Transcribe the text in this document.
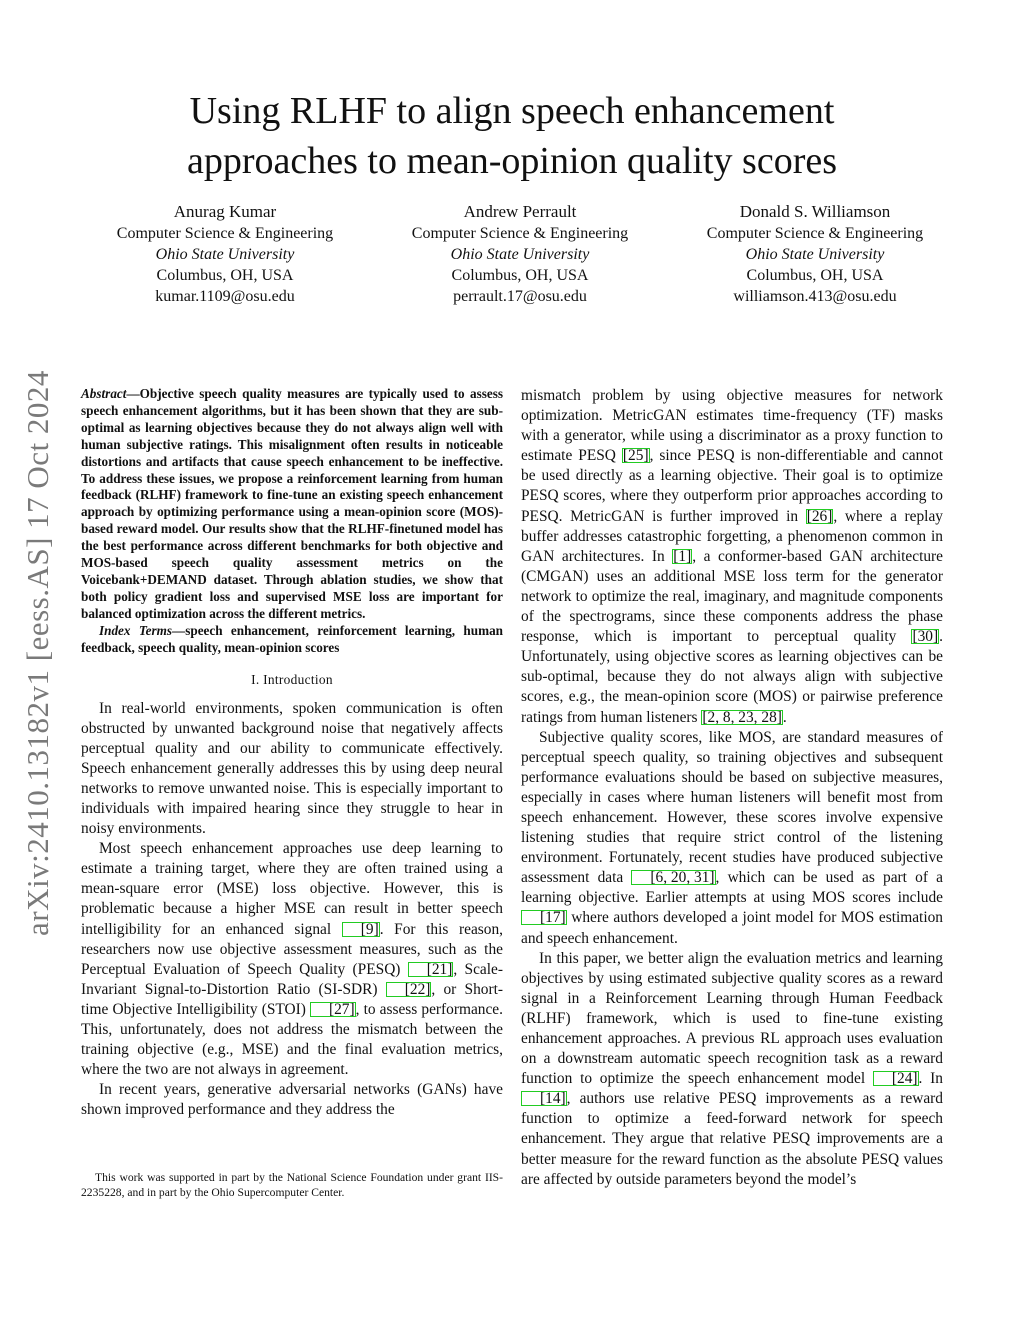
arXiv:2410.13182v1 [eess.AS] 17 Oct 2024
Using RLHF to align speech enhancement
approaches to mean-opinion quality scores
Anurag Kumar
Computer Science & Engineering
Ohio State University
Columbus, OH, USA
kumar.1109@osu.edu
Andrew Perrault
Computer Science & Engineering
Ohio State University
Columbus, OH, USA
perrault.17@osu.edu
Donald S. Williamson
Computer Science & Engineering
Ohio State University
Columbus, OH, USA
williamson.413@osu.edu

Abstract—Objective speech quality measures are typically used to assess speech enhancement algorithms, but it has been shown that they are sub-optimal as learning objectives because they do not always align well with human subjective ratings. This misalignment often results in noticeable distortions and artifacts that cause speech enhancement to be ineffective. To address these issues, we propose a reinforcement learning from human feedback (RLHF) framework to fine-tune an existing speech enhancement approach by optimizing performance using a mean-opinion score (MOS)-based reward model. Our results show that the RLHF-finetuned model has the best performance across different benchmarks for both objective and MOS-based speech quality assessment metrics on the Voicebank+DEMAND dataset. Through ablation studies, we show that both policy gradient loss and supervised MSE loss are important for balanced optimization across the different metrics.

Index Terms—speech enhancement, reinforcement learning, human feedback, speech quality, mean-opinion scores

I. Introduction

In real-world environments, spoken communication is often obstructed by unwanted background noise that negatively affects perceptual quality and our ability to communicate effectively. Speech enhancement generally addresses this by using deep neural networks to remove unwanted noise. This is especially important to individuals with impaired hearing since they struggle to hear in noisy environments.

Most speech enhancement approaches use deep learning to estimate a training target, where they are often trained using a mean-square error (MSE) loss objective. However, this is problematic because a higher MSE can result in better speech intelligibility for an enhanced signal [9]. For this reason, researchers now use objective assessment measures, such as the Perceptual Evaluation of Speech Quality (PESQ) [21], Scale-Invariant Signal-to-Distortion Ratio (SI-SDR) [22], or Short-time Objective Intelligibility (STOI) [27], to assess performance. This, unfortunately, does not address the mismatch between the training objective (e.g., MSE) and the final evaluation metrics, where the two are not always in agreement.

In recent years, generative adversarial networks (GANs) have shown improved performance and they address the

This work was supported in part by the National Science Foundation under grant IIS-2235228, and in part by the Ohio Supercomputer Center.

mismatch problem by using objective measures for network optimization. MetricGAN estimates time-frequency (TF) masks with a generator, while using a discriminator as a proxy function to estimate PESQ [25], since PESQ is non-differentiable and cannot be used directly as a learning objective. Their goal is to optimize PESQ scores, where they outperform prior approaches according to PESQ. MetricGAN is further improved in [26], where a replay buffer addresses catastrophic forgetting, a phenomenon common in GAN architectures. In [1], a conformer-based GAN architecture (CMGAN) uses an additional MSE loss term for the generator network to optimize the real, imaginary, and magnitude components of the spectrograms, since these components address the phase response, which is important to perceptual quality [30]. Unfortunately, using objective scores as learning objectives can be sub-optimal, because they do not always align with subjective scores, e.g., the mean-opinion score (MOS) or pairwise preference ratings from human listeners [2, 8, 23, 28].

Subjective quality scores, like MOS, are standard measures of perceptual speech quality, so training objectives and subsequent performance evaluations should be based on subjective measures, especially in cases where human listeners will benefit most from speech enhancement. However, these scores involve expensive listening studies that require strict control of the listening environment. Fortunately, recent studies have produced subjective assessment data [6, 20, 31], which can be used as part of a learning objective. Earlier attempts at using MOS scores include [17] where authors developed a joint model for MOS estimation and speech enhancement.

In this paper, we better align the evaluation metrics and learning objectives by using estimated subjective quality scores as a reward signal in a Reinforcement Learning through Human Feedback (RLHF) framework, which is used to fine-tune existing enhancement approaches. A previous RL approach uses evaluation on a downstream automatic speech recognition task as a reward function to optimize the speech enhancement model [24]. In [14], authors use relative PESQ improvements as a reward function to optimize a feed-forward network for speech enhancement. They argue that relative PESQ improvements are a better measure for the reward function as the absolute PESQ values are affected by outside parameters beyond the model’s
